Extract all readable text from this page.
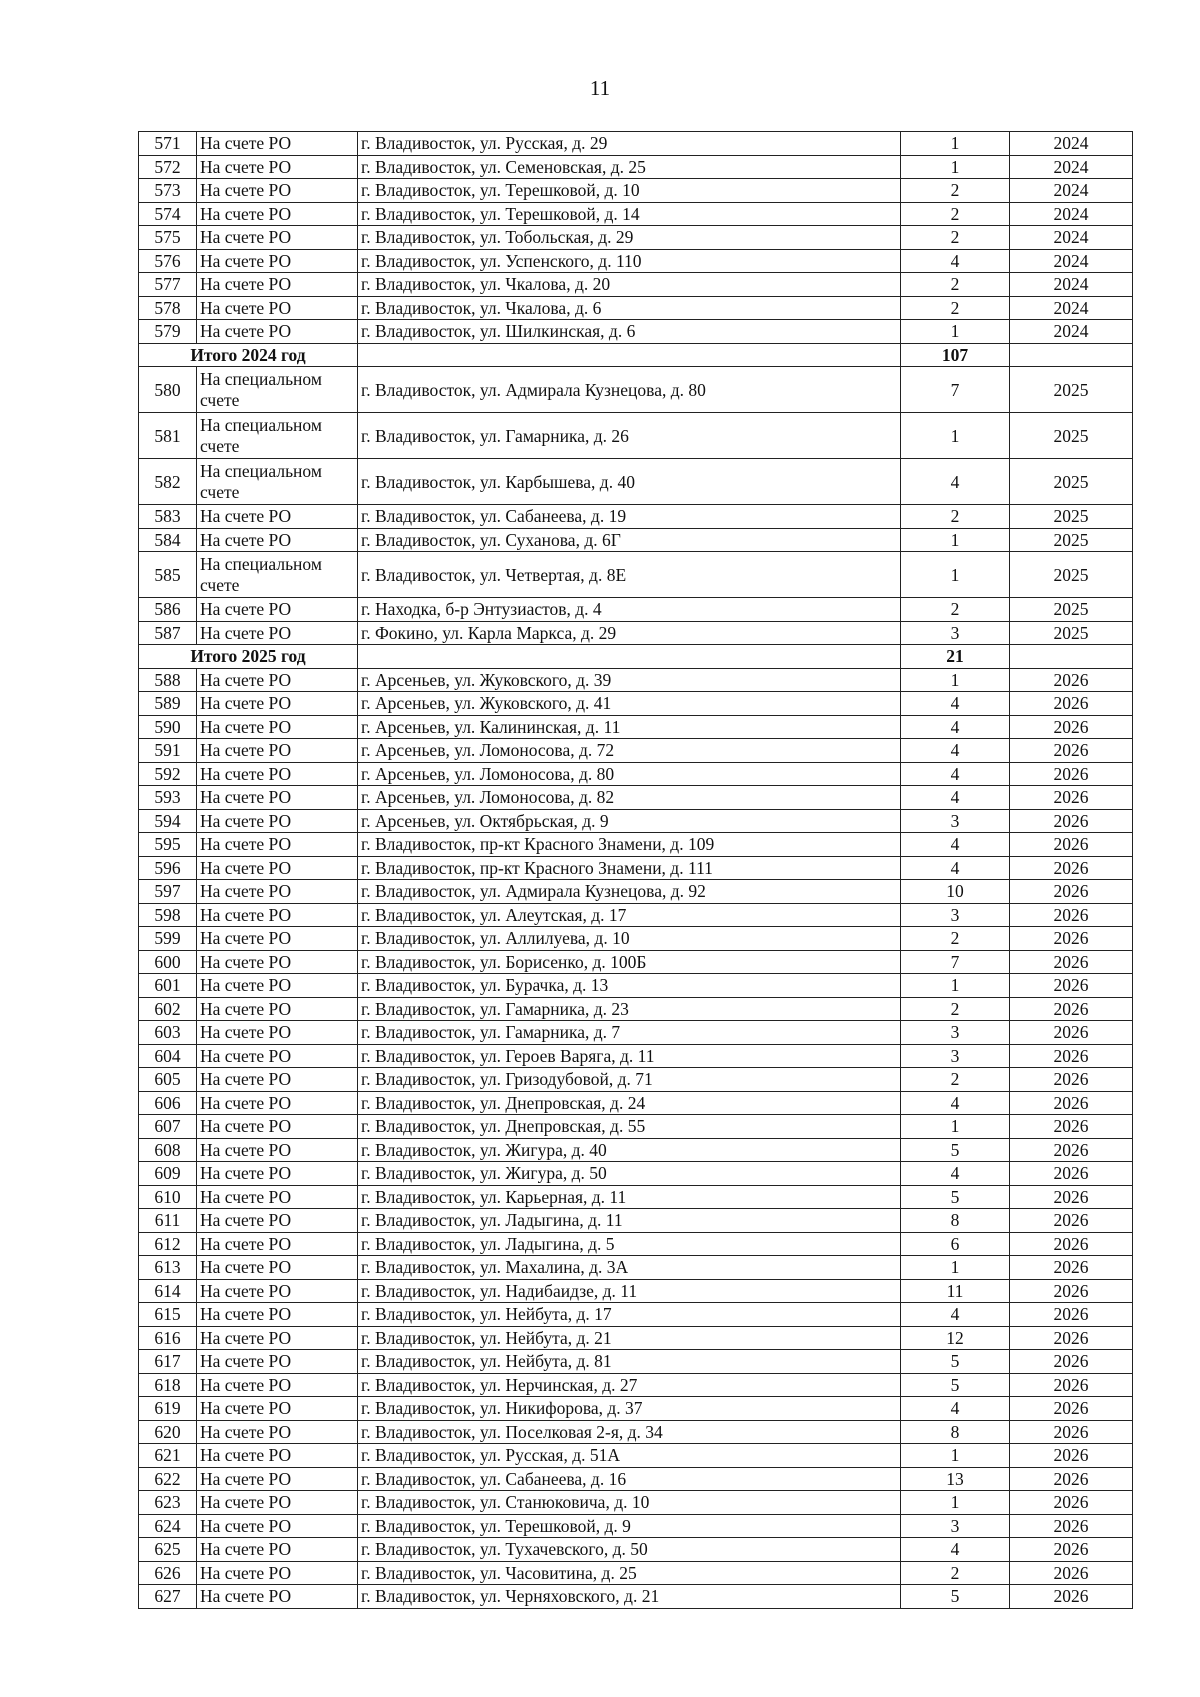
11
571	На счете РО	г. Владивосток, ул. Русская, д. 29	1	2024
572	На счете РО	г. Владивосток, ул. Семеновская, д. 25	1	2024
573	На счете РО	г. Владивосток, ул. Терешковой, д. 10	2	2024
574	На счете РО	г. Владивосток, ул. Терешковой, д. 14	2	2024
575	На счете РО	г. Владивосток, ул. Тобольская, д. 29	2	2024
576	На счете РО	г. Владивосток, ул. Успенского, д. 110	4	2024
577	На счете РО	г. Владивосток, ул. Чкалова, д. 20	2	2024
578	На счете РО	г. Владивосток, ул. Чкалова, д. 6	2	2024
579	На счете РО	г. Владивосток, ул. Шилкинская, д. 6	1	2024
Итого 2024 год			107	
580	На специальном счете	г. Владивосток, ул. Адмирала Кузнецова, д. 80	7	2025
581	На специальном счете	г. Владивосток, ул. Гамарника, д. 26	1	2025
582	На специальном счете	г. Владивосток, ул. Карбышева, д. 40	4	2025
583	На счете РО	г. Владивосток, ул. Сабанеева, д. 19	2	2025
584	На счете РО	г. Владивосток, ул. Суханова, д. 6Г	1	2025
585	На специальном счете	г. Владивосток, ул. Четвертая, д. 8Е	1	2025
586	На счете РО	г. Находка, б-р Энтузиастов, д. 4	2	2025
587	На счете РО	г. Фокино, ул. Карла Маркса, д. 29	3	2025
Итого 2025 год			21	
588	На счете РО	г. Арсеньев, ул. Жуковского, д. 39	1	2026
589	На счете РО	г. Арсеньев, ул. Жуковского, д. 41	4	2026
590	На счете РО	г. Арсеньев, ул. Калининская, д. 11	4	2026
591	На счете РО	г. Арсеньев, ул. Ломоносова, д. 72	4	2026
592	На счете РО	г. Арсеньев, ул. Ломоносова, д. 80	4	2026
593	На счете РО	г. Арсеньев, ул. Ломоносова, д. 82	4	2026
594	На счете РО	г. Арсеньев, ул. Октябрьская, д. 9	3	2026
595	На счете РО	г. Владивосток, пр-кт Красного Знамени, д. 109	4	2026
596	На счете РО	г. Владивосток, пр-кт Красного Знамени, д. 111	4	2026
597	На счете РО	г. Владивосток, ул. Адмирала Кузнецова, д. 92	10	2026
598	На счете РО	г. Владивосток, ул. Алеутская, д. 17	3	2026
599	На счете РО	г. Владивосток, ул. Аллилуева, д. 10	2	2026
600	На счете РО	г. Владивосток, ул. Борисенко, д. 100Б	7	2026
601	На счете РО	г. Владивосток, ул. Бурачка, д. 13	1	2026
602	На счете РО	г. Владивосток, ул. Гамарника, д. 23	2	2026
603	На счете РО	г. Владивосток, ул. Гамарника, д. 7	3	2026
604	На счете РО	г. Владивосток, ул. Героев Варяга, д. 11	3	2026
605	На счете РО	г. Владивосток, ул. Гризодубовой, д. 71	2	2026
606	На счете РО	г. Владивосток, ул. Днепровская, д. 24	4	2026
607	На счете РО	г. Владивосток, ул. Днепровская, д. 55	1	2026
608	На счете РО	г. Владивосток, ул. Жигура, д. 40	5	2026
609	На счете РО	г. Владивосток, ул. Жигура, д. 50	4	2026
610	На счете РО	г. Владивосток, ул. Карьерная, д. 11	5	2026
611	На счете РО	г. Владивосток, ул. Ладыгина, д. 11	8	2026
612	На счете РО	г. Владивосток, ул. Ладыгина, д. 5	6	2026
613	На счете РО	г. Владивосток, ул. Махалина, д. 3А	1	2026
614	На счете РО	г. Владивосток, ул. Надибаидзе, д. 11	11	2026
615	На счете РО	г. Владивосток, ул. Нейбута, д. 17	4	2026
616	На счете РО	г. Владивосток, ул. Нейбута, д. 21	12	2026
617	На счете РО	г. Владивосток, ул. Нейбута, д. 81	5	2026
618	На счете РО	г. Владивосток, ул. Нерчинская, д. 27	5	2026
619	На счете РО	г. Владивосток, ул. Никифорова, д. 37	4	2026
620	На счете РО	г. Владивосток, ул. Поселковая 2-я, д. 34	8	2026
621	На счете РО	г. Владивосток, ул. Русская, д. 51А	1	2026
622	На счете РО	г. Владивосток, ул. Сабанеева, д. 16	13	2026
623	На счете РО	г. Владивосток, ул. Станюковича, д. 10	1	2026
624	На счете РО	г. Владивосток, ул. Терешковой, д. 9	3	2026
625	На счете РО	г. Владивосток, ул. Тухачевского, д. 50	4	2026
626	На счете РО	г. Владивосток, ул. Часовитина, д. 25	2	2026
627	На счете РО	г. Владивосток, ул. Черняховского, д. 21	5	2026
